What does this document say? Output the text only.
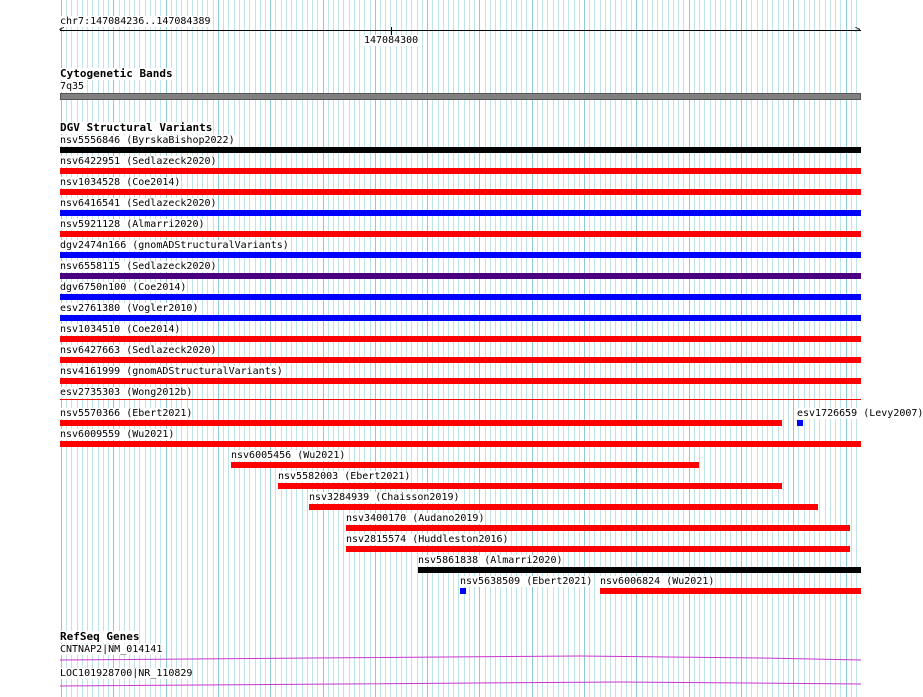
chr7:147084236..147084389
<	>
147084300
Cytogenetic Bands
7q35
DGV Structural Variants
nsv5556846 (ByrskaBishop2022)
nsv6422951 (Sedlazeck2020)
nsv1034528 (Coe2014)
nsv6416541 (Sedlazeck2020)
nsv5921128 (Almarri2020)
dgv2474n166 (gnomADStructuralVariants)
nsv6558115 (Sedlazeck2020)
dgv6750n100 (Coe2014)
esv2761380 (Vogler2010)
nsv1034510 (Coe2014)
nsv6427663 (Sedlazeck2020)
nsv4161999 (gnomADStructuralVariants)
esv2735303 (Wong2012b)
nsv5570366 (Ebert2021)	esv1726659 (Levy2007)
nsv6009559 (Wu2021)
nsv6005456 (Wu2021)
nsv5582003 (Ebert2021)
nsv3284939 (Chaisson2019)
nsv3400170 (Audano2019)
nsv2815574 (Huddleston2016)
nsv5861838 (Almarri2020)
nsv5638509 (Ebert2021) nsv6006824 (Wu2021)
RefSeq Genes
CNTNAP2|NM_014141
LOC101928700|NR_110829
